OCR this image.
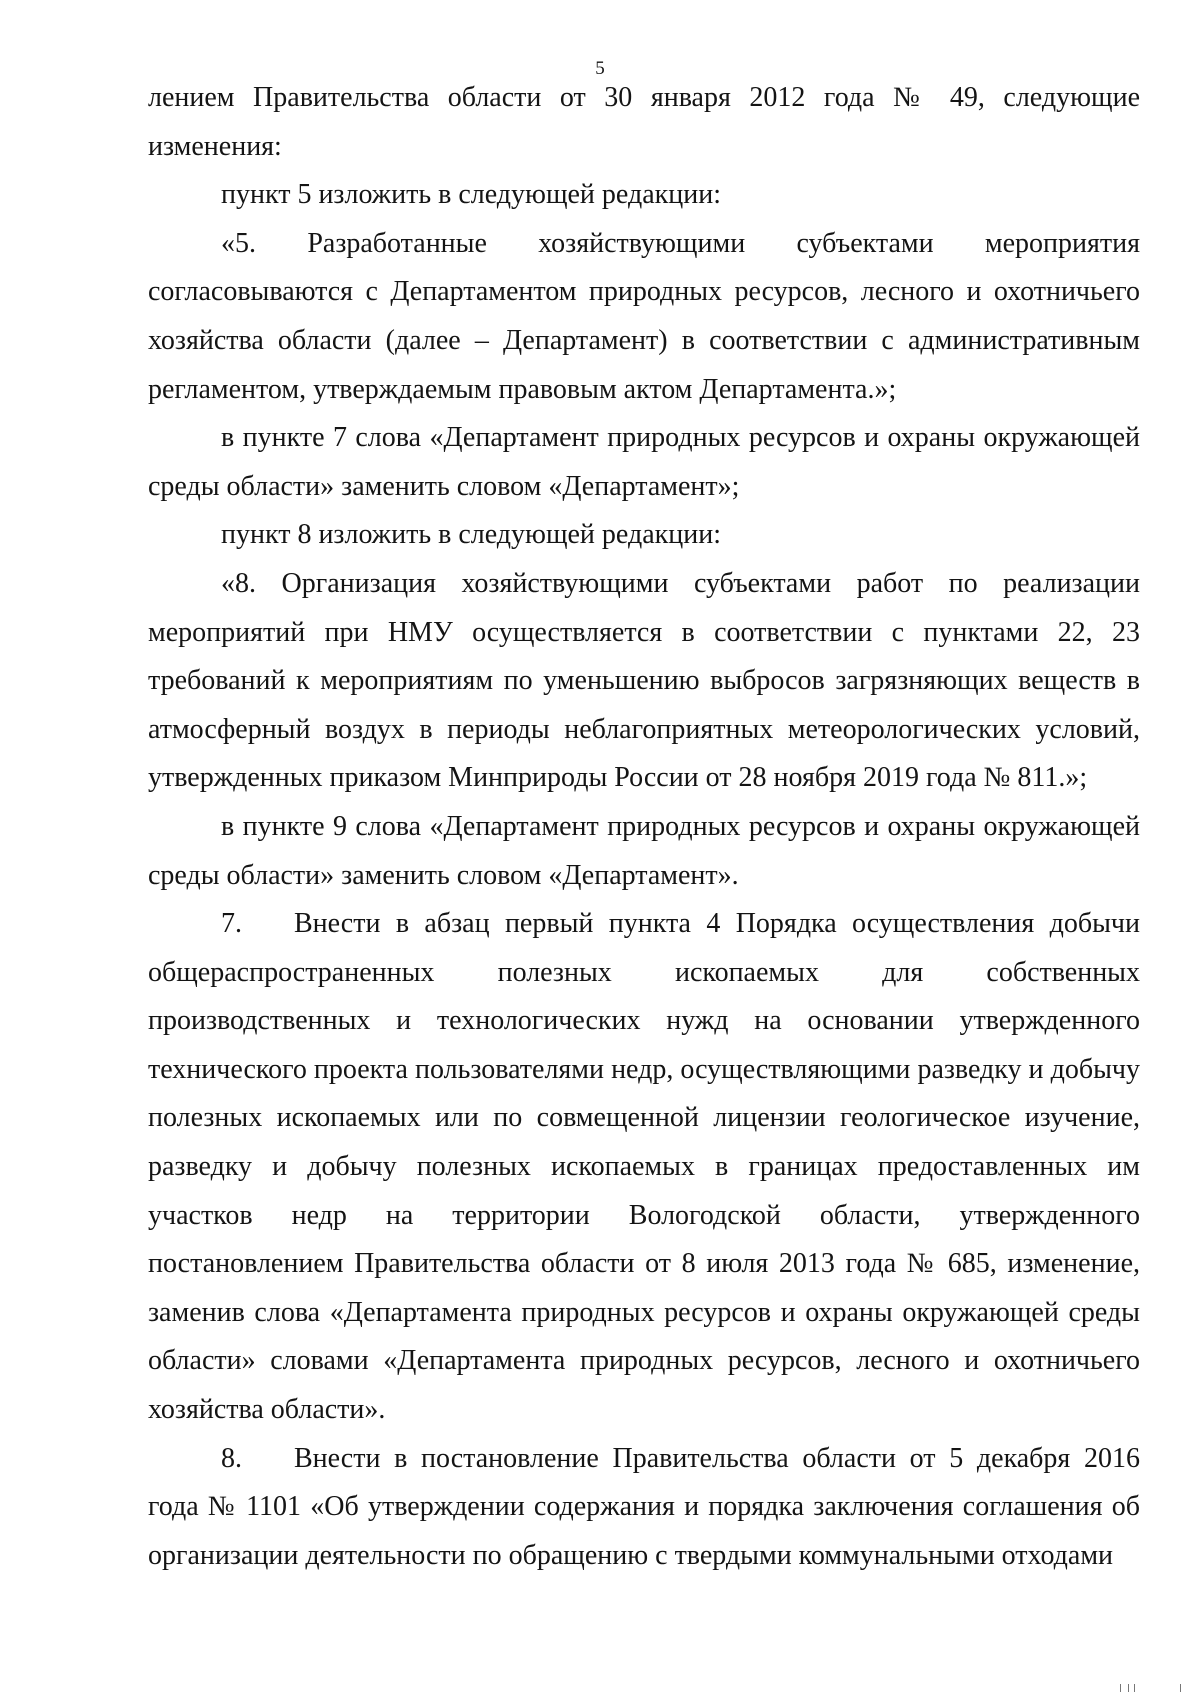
5

лением Правительства области от 30 января 2012 года № 49, следующие изменения:

пункт 5 изложить в следующей редакции:

«5. Разработанные хозяйствующими субъектами мероприятия согласовываются с Департаментом природных ресурсов, лесного и охотничьего хозяйства области (далее – Департамент) в соответствии с административным регламентом, утверждаемым правовым актом Департамента.»;

в пункте 7 слова «Департамент природных ресурсов и охраны окружающей среды области» заменить словом «Департамент»;

пункт 8 изложить в следующей редакции:

«8. Организация хозяйствующими субъектами работ по реализации мероприятий при НМУ осуществляется в соответствии с пунктами 22, 23 требований к мероприятиям по уменьшению выбросов загрязняющих веществ в атмосферный воздух в периоды неблагоприятных метеорологических условий, утвержденных приказом Минприроды России от 28 ноября 2019 года № 811.»;

в пункте 9 слова «Департамент природных ресурсов и охраны окружающей среды области» заменить словом «Департамент».

7. Внести в абзац первый пункта 4 Порядка осуществления добычи общераспространенных полезных ископаемых для собственных производственных и технологических нужд на основании утвержденного технического проекта пользователями недр, осуществляющими разведку и добычу полезных ископаемых или по совмещенной лицензии геологическое изучение, разведку и добычу полезных ископаемых в границах предоставленных им участков недр на территории Вологодской области, утвержденного постановлением Правительства области от 8 июля 2013 года № 685, изменение, заменив слова «Департамента природных ресурсов и охраны окружающей среды области» словами «Департамента природных ресурсов, лесного и охотничьего хозяйства области».

8. Внести в постановление Правительства области от 5 декабря 2016 года № 1101 «Об утверждении содержания и порядка заключения соглашения об организации деятельности по обращению с твердыми коммунальными отходами
